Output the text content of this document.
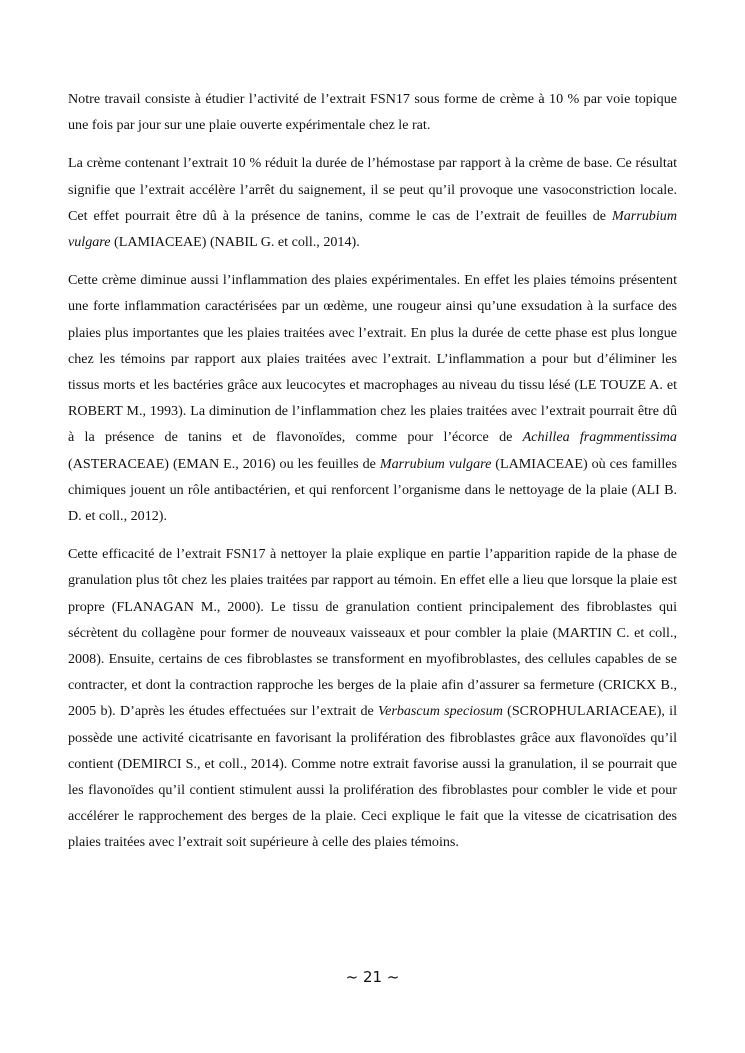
Notre travail consiste à étudier l’activité de l’extrait FSN17 sous forme de crème à 10 % par voie topique une fois par jour sur une plaie ouverte expérimentale chez le rat.

La crème contenant l’extrait 10 % réduit la durée de l’hémostase par rapport à la crème de base. Ce résultat signifie que l’extrait accélère l’arrêt du saignement, il se peut qu’il provoque une vasoconstriction locale. Cet effet pourrait être dû à la présence de tanins, comme le cas de l’extrait de feuilles de Marrubium vulgare (LAMIACEAE) (NABIL G. et coll., 2014).

Cette crème diminue aussi l’inflammation des plaies expérimentales. En effet les plaies témoins présentent une forte inflammation caractérisées par un œdème, une rougeur ainsi qu’une exsudation à la surface des plaies plus importantes que les plaies traitées avec l’extrait. En plus la durée de cette phase est plus longue chez les témoins par rapport aux plaies traitées avec l’extrait. L’inflammation a pour but d’éliminer les tissus morts et les bactéries grâce aux leucocytes et macrophages au niveau du tissu lésé (LE TOUZE A. et ROBERT M., 1993). La diminution de l’inflammation chez les plaies traitées avec l’extrait pourrait être dû à la présence de tanins et de flavonoïdes, comme pour l’écorce de Achillea fragmmentissima (ASTERACEAE) (EMAN E., 2016) ou les feuilles de Marrubium vulgare (LAMIACEAE) où ces familles chimiques jouent un rôle antibactérien, et qui renforcent l’organisme dans le nettoyage de la plaie (ALI B. D. et coll., 2012).

Cette efficacité de l’extrait FSN17 à nettoyer la plaie explique en partie l’apparition rapide de la phase de granulation plus tôt chez les plaies traitées par rapport au témoin. En effet elle a lieu que lorsque la plaie est propre (FLANAGAN M., 2000). Le tissu de granulation contient principalement des fibroblastes qui sécrètent du collagène pour former de nouveaux vaisseaux et pour combler la plaie (MARTIN C. et coll., 2008). Ensuite, certains de ces fibroblastes se transforment en myofibroblastes, des cellules capables de se contracter, et dont la contraction rapproche les berges de la plaie afin d’assurer sa fermeture (CRICKX B., 2005 b). D’après les études effectuées sur l’extrait de Verbascum speciosum (SCROPHULARIACEAE), il possède une activité cicatrisante en favorisant la prolifération des fibroblastes grâce aux flavonoïdes qu’il contient (DEMIRCI S., et coll., 2014). Comme notre extrait favorise aussi la granulation, il se pourrait que les flavonoïdes qu’il contient stimulent aussi la prolifération des fibroblastes pour combler le vide et pour accélérer le rapprochement des berges de la plaie. Ceci explique le fait que la vitesse de cicatrisation des plaies traitées avec l’extrait soit supérieure à celle des plaies témoins.

~ 21 ~
